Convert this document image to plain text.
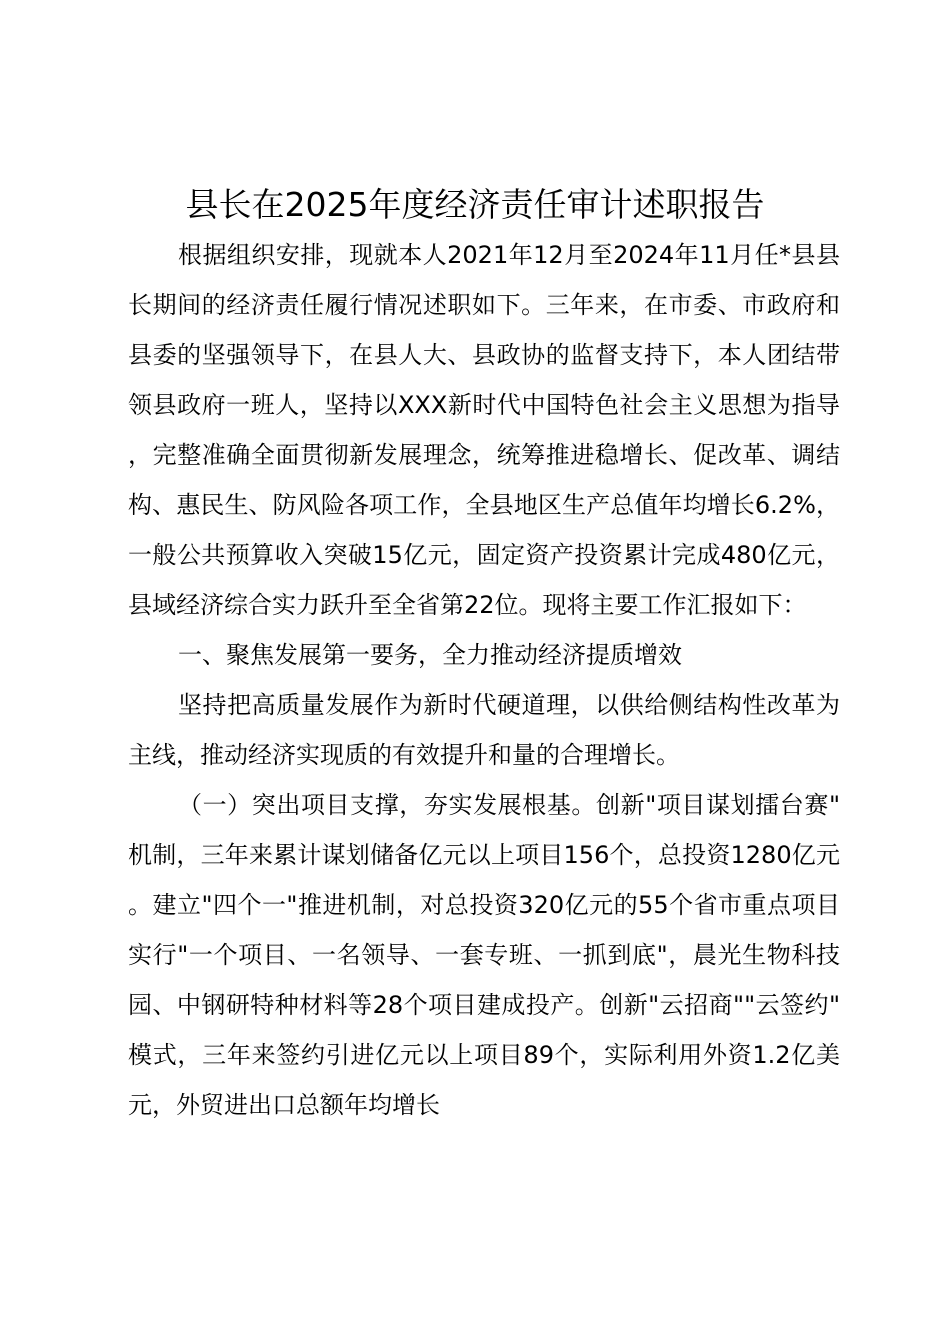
县长在2025年度经济责任审计述职报告

根据组织安排，现就本人2021年12月至2024年11月任*县县长期间的经济责任履行情况述职如下。三年来，在市委、市政府和县委的坚强领导下，在县人大、县政协的监督支持下，本人团结带领县政府一班人，坚持以XXX新时代中国特色社会主义思想为指导，完整准确全面贯彻新发展理念，统筹推进稳增长、促改革、调结构、惠民生、防风险各项工作，全县地区生产总值年均增长6.2%，一般公共预算收入突破15亿元，固定资产投资累计完成480亿元，县域经济综合实力跃升至全省第22位。现将主要工作汇报如下：

一、聚焦发展第一要务，全力推动经济提质增效

坚持把高质量发展作为新时代硬道理，以供给侧结构性改革为主线，推动经济实现质的有效提升和量的合理增长。

（一）突出项目支撑，夯实发展根基。创新"项目谋划擂台赛"机制，三年来累计谋划储备亿元以上项目156个，总投资1280亿元。建立"四个一"推进机制，对总投资320亿元的55个省市重点项目实行"一个项目、一名领导、一套专班、一抓到底"，晨光生物科技园、中钢研特种材料等28个项目建成投产。创新"云招商""云签约"模式，三年来签约引进亿元以上项目89个，实际利用外资1.2亿美元，外贸进出口总额年均增长
